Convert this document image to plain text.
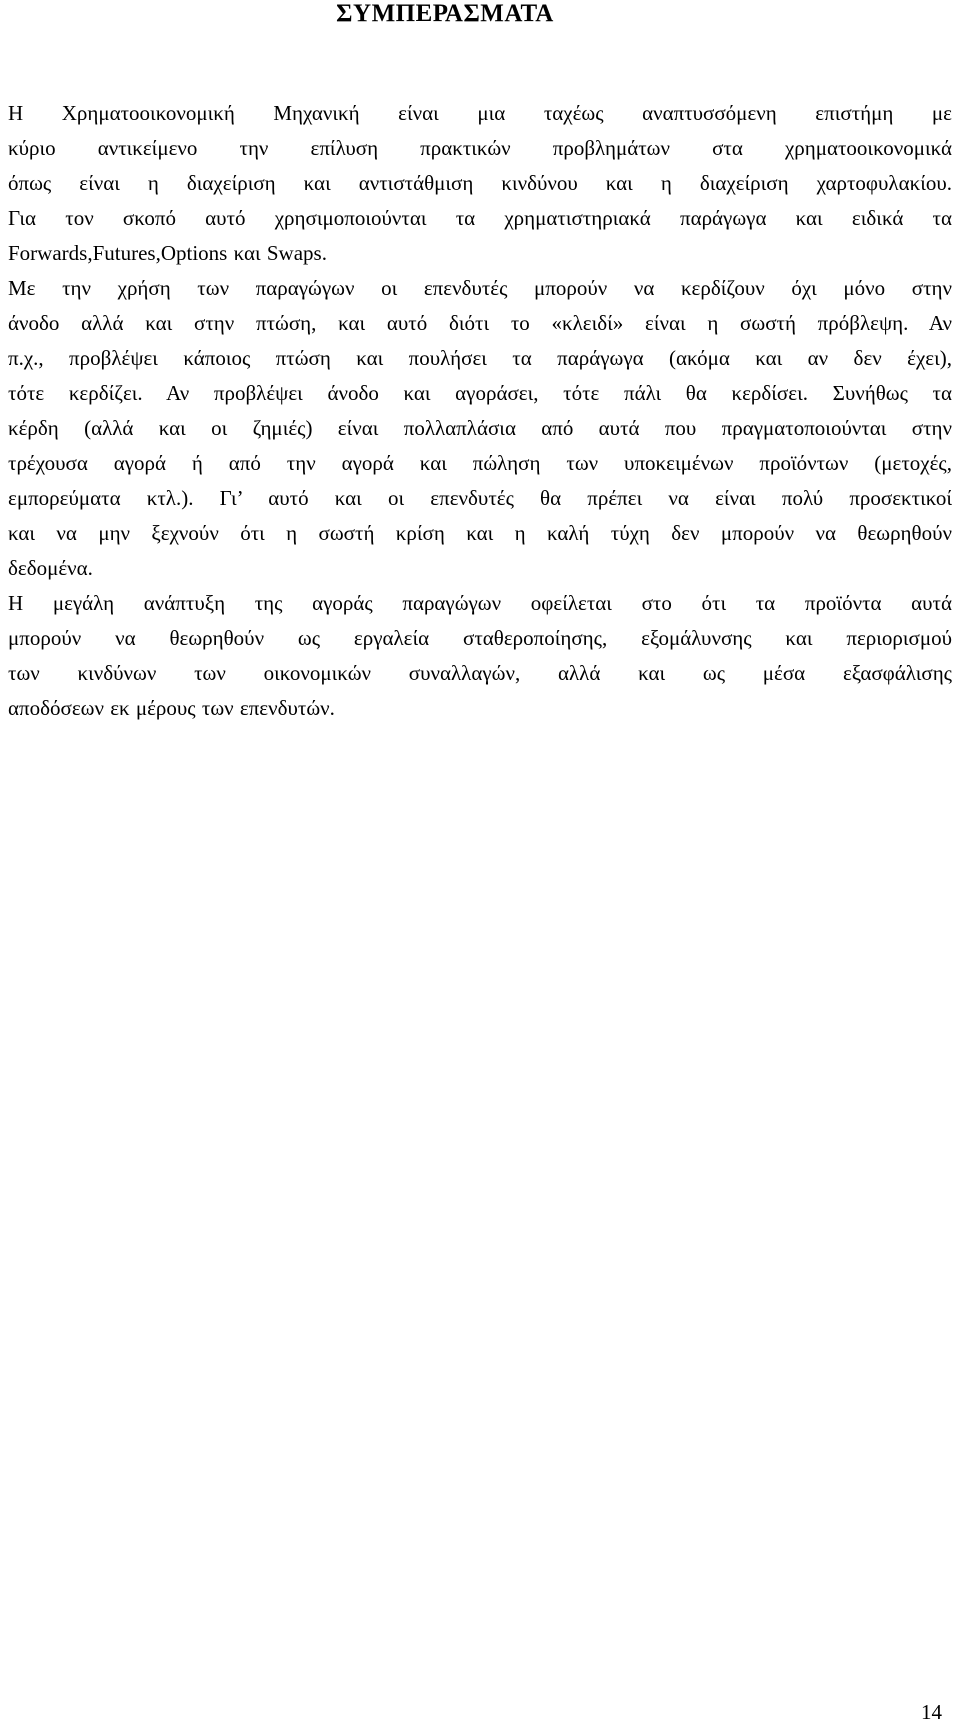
ΣΥΜΠΕΡΑΣΜΑΤΑ

Η Χρηματοοικονομική Μηχανική είναι μια ταχέως αναπτυσσόμενη επιστήμη με
κύριο αντικείμενο την επίλυση πρακτικών προβλημάτων στα χρηματοοικονομικά
όπως είναι η διαχείριση και αντιστάθμιση κινδύνου και η διαχείριση χαρτοφυλακίου.
Για τον σκοπό αυτό χρησιμοποιούνται τα χρηματιστηριακά παράγωγα και ειδικά τα
Forwards,Futures,Options και Swaps.

Με την χρήση των παραγώγων οι επενδυτές μπορούν να κερδίζουν όχι μόνο στην
άνοδο αλλά και στην πτώση, και αυτό διότι το «κλειδί» είναι η σωστή πρόβλεψη. Αν
π.χ., προβλέψει κάποιος πτώση και πουλήσει τα παράγωγα (ακόμα και αν δεν έχει),
τότε κερδίζει. Αν προβλέψει άνοδο και αγοράσει, τότε πάλι θα κερδίσει. Συνήθως τα
κέρδη (αλλά και οι ζημιές) είναι πολλαπλάσια από αυτά που πραγματοποιούνται στην
τρέχουσα αγορά ή από την αγορά και πώληση των υποκειμένων προϊόντων (μετοχές,
εμπορεύματα κτλ.). Γι’ αυτό και οι επενδυτές θα πρέπει να είναι πολύ προσεκτικοί
και να μην ξεχνούν ότι η σωστή κρίση και η καλή τύχη δεν μπορούν να θεωρηθούν
δεδομένα.

Η μεγάλη ανάπτυξη της αγοράς παραγώγων οφείλεται στο ότι τα προϊόντα αυτά
μπορούν να θεωρηθούν ως εργαλεία σταθεροποίησης, εξομάλυνσης και περιορισμού
των κινδύνων των οικονομικών συναλλαγών, αλλά και ως μέσα εξασφάλισης
αποδόσεων εκ μέρους των επενδυτών.

14
